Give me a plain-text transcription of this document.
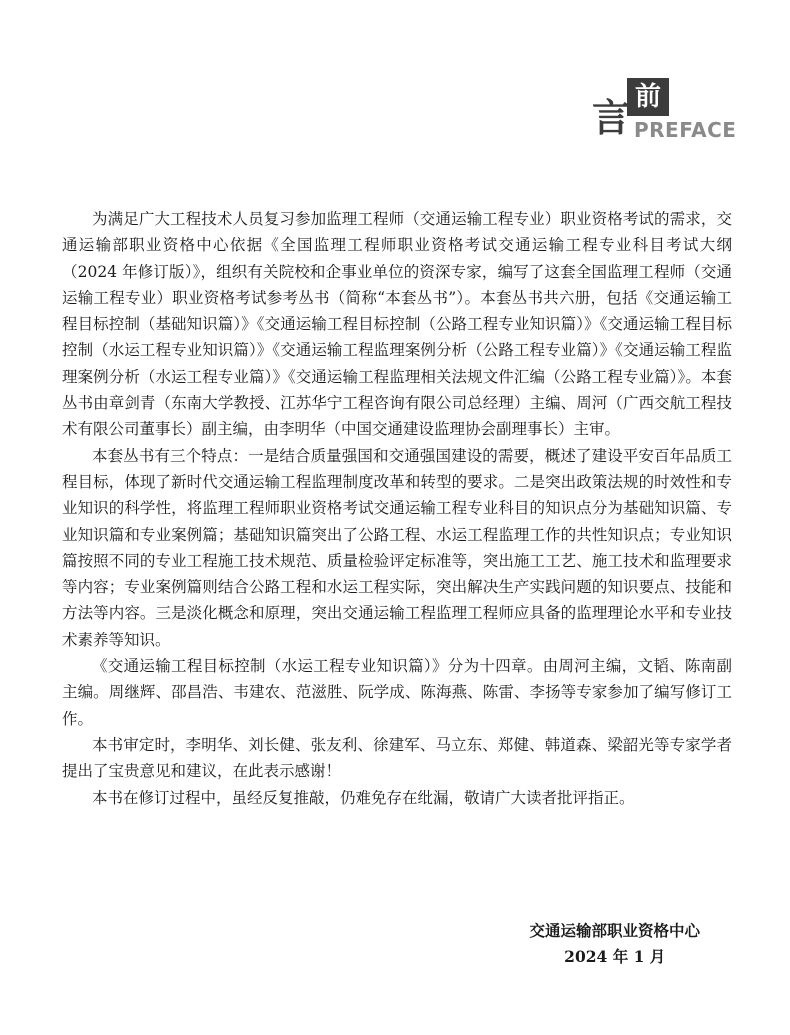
前
言 PREFACE

为满足广大工程技术人员复习参加监理工程师（交通运输工程专业）职业资格考试的需求，交通运输部职业资格中心依据《全国监理工程师职业资格考试交通运输工程专业科目考试大纲（2024 年修订版）》，组织有关院校和企事业单位的资深专家，编写了这套全国监理工程师（交通运输工程专业）职业资格考试参考丛书（简称“本套丛书”）。本套丛书共六册，包括《交通运输工程目标控制（基础知识篇）》《交通运输工程目标控制（公路工程专业知识篇）》《交通运输工程目标控制（水运工程专业知识篇）》《交通运输工程监理案例分析（公路工程专业篇）》《交通运输工程监理案例分析（水运工程专业篇）》《交通运输工程监理相关法规文件汇编（公路工程专业篇）》。本套丛书由章剑青（东南大学教授、江苏华宁工程咨询有限公司总经理）主编、周河（广西交航工程技术有限公司董事长）副主编，由李明华（中国交通建设监理协会副理事长）主审。

本套丛书有三个特点：一是结合质量强国和交通强国建设的需要，概述了建设平安百年品质工程目标，体现了新时代交通运输工程监理制度改革和转型的要求。二是突出政策法规的时效性和专业知识的科学性，将监理工程师职业资格考试交通运输工程专业科目的知识点分为基础知识篇、专业知识篇和专业案例篇；基础知识篇突出了公路工程、水运工程监理工作的共性知识点；专业知识篇按照不同的专业工程施工技术规范、质量检验评定标准等，突出施工工艺、施工技术和监理要求等内容；专业案例篇则结合公路工程和水运工程实际，突出解决生产实践问题的知识要点、技能和方法等内容。三是淡化概念和原理，突出交通运输工程监理工程师应具备的监理理论水平和专业技术素养等知识。

《交通运输工程目标控制（水运工程专业知识篇）》分为十四章。由周河主编，文韬、陈南副主编。周继辉、邵昌浩、韦建农、范滋胜、阮学成、陈海燕、陈雷、李扬等专家参加了编写修订工作。

本书审定时，李明华、刘长健、张友利、徐建军、马立东、郑健、韩道森、梁韶光等专家学者提出了宝贵意见和建议，在此表示感谢！

本书在修订过程中，虽经反复推敲，仍难免存在纰漏，敬请广大读者批评指正。

交通运输部职业资格中心
2024 年 1 月
